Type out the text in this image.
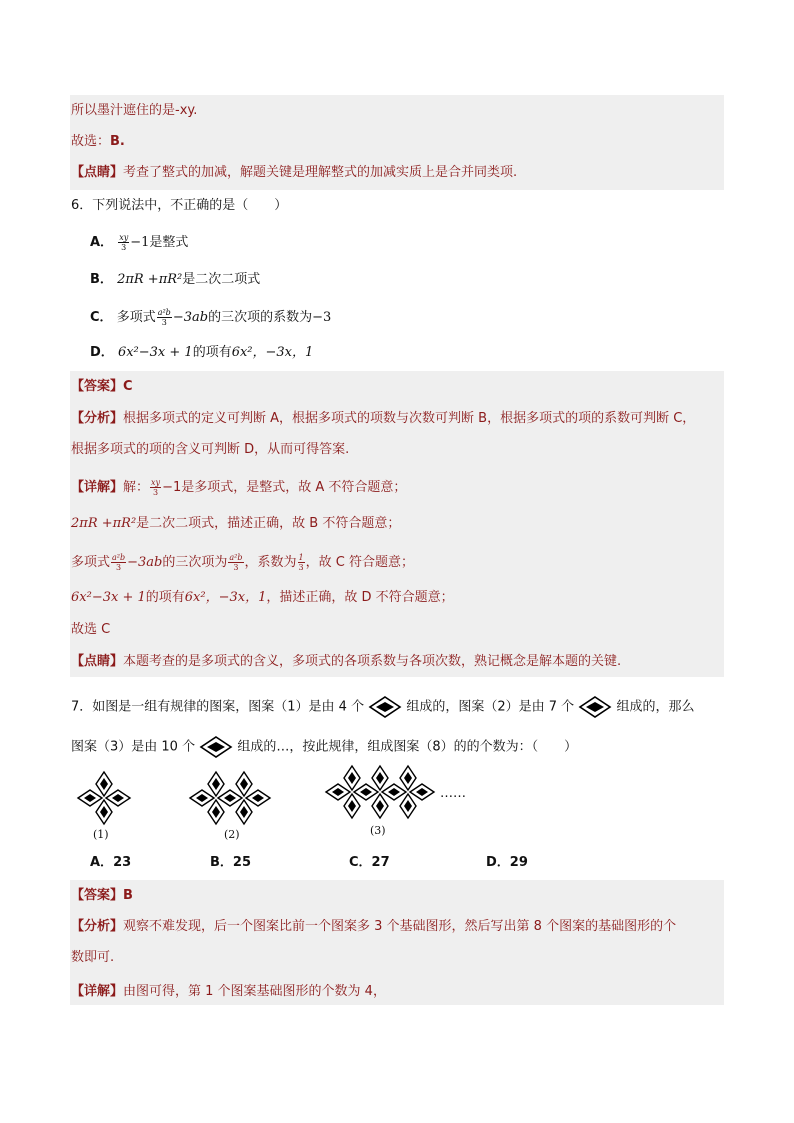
所以墨汁遮住的是-xy.
故选：B.
【点睛】考查了整式的加减，解题关键是理解整式的加减实质上是合并同类项.
6．下列说法中，不正确的是（　　）
A． $\frac{xy}{3} -1$是整式
B． 2πR +πR²是二次二项式
C． 多项式 $\frac{\text{a²b}}{3} -3ab$的三次项的系数为−3
D． 6x²−3x + 1的项有6x²，−3x，1
【答案】C
【分析】根据多项式的定义可判断 A，根据多项式的项数与次数可判断 B，根据多项式的项的系数可判断 C，
根据多项式的项的含义可判断 D，从而可得答案.
【详解】解： $\frac{xy}{3} -1$是多项式，是整式，故 A 不符合题意；
2πR +πR²是二次二项式，描述正确，故 B 不符合题意；
多项式 $\frac{\text{a²b}}{3} -3ab$的三次项为 $\frac{\text{a²b}}{3}$ ，系数为 $\frac{1}{3}$ ，故 C 符合题意；
6x²−3x + 1的项有6x²，−3x，1，描述正确，故 D 不符合题意；
故选 C
【点睛】本题考查的是多项式的含义，多项式的各项系数与各项次数，熟记概念是解本题的关键.
7．如图是一组有规律的图案，图案（1）是由 4 个	组成的，图案（2）是由 7 个	组成的，那么
图案（3）是由 10 个	组成的…，按此规律，组成图案（8）的的个数为：（　　）
(1)	(2)	(3)
……
A．23	B．25	C．27	D．29
【答案】B
【分析】观察不难发现，后一个图案比前一个图案多 3 个基础图形，然后写出第 8 个图案的基础图形的个
数即可.
【详解】由图可得，第 1 个图案基础图形的个数为 4，
